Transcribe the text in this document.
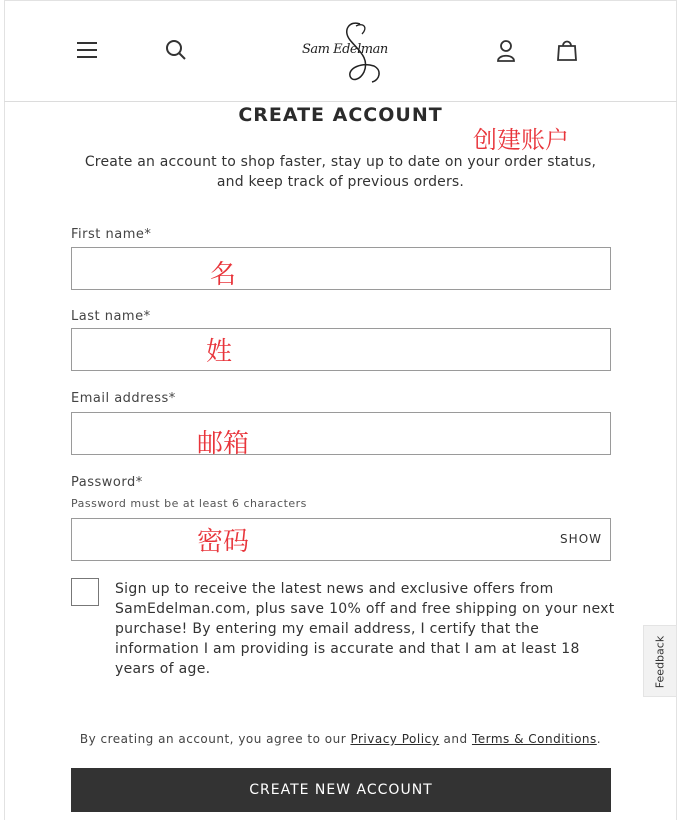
Sam Edelman
CREATE ACCOUNT
创建账户
Create an account to shop faster, stay up to date on your order status,
and keep track of previous orders.
First name*
名
Last name*
姓
Email address*
邮箱
Password*
Password must be at least 6 characters
SHOW
密码
Sign up to receive the latest news and exclusive offers from
SamEdelman.com, plus save 10% off and free shipping on your next
purchase! By entering my email address, I certify that the
information I am providing is accurate and that I am at least 18
years of age.	Feedback
By creating an account, you agree to our Privacy Policy and Terms & Conditions.
CREATE NEW ACCOUNT
